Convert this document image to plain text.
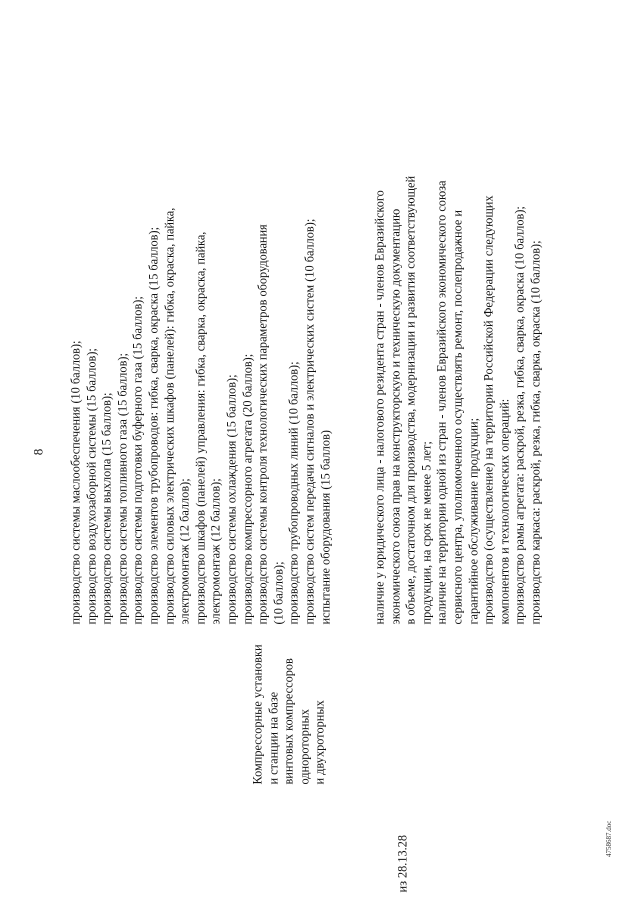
8
из 28.13.28
Компрессорные установки и станции на базе винтовых компрессоров однороторных и двухроторных
производство системы маслообеспечения (10 баллов); производство воздухозаборной системы (15 баллов); производство системы выхлопа (15 баллов); производство системы топливного газа (15 баллов); производство системы подготовки буферного газа (15 баллов); производство элементов трубопроводов: гибка, сварка, окраска (15 баллов); производство силовых электрических шкафов (панелей): гибка, окраска, пайка, электромонтаж (12 баллов); производство шкафов (панелей) управления: гибка, сварка, окраска, пайка, электромонтаж (12 баллов); производство системы охлаждения (15 баллов); производство компрессорного агрегата (20 баллов); производство системы контроля технологических параметров оборудования (10 баллов); производство трубопроводных линий (10 баллов); производство систем передачи сигналов и электрических систем (10 баллов); испытание оборудования (15 баллов)	наличие у юридического лица - налогового резидента стран - членов Евразийского экономического союза прав на конструкторскую и техническую документацию в объеме, достаточном для производства, модернизации и развития соответствующей продукции, на срок не менее 5 лет; наличие на территории одной из стран - членов Евразийского экономического союза сервисного центра, уполномоченного осуществлять ремонт, послепродажное и гарантийное обслуживание продукции; производство (осуществление) на территории Российской Федерации следующих компонентов и технологических операций: производство рамы агрегата: раскрой, резка, гибка, сварка, окраска (10 баллов); производство каркаса: раскрой, резка, гибка, сварка, окраска (10 баллов);
4758687.doc
